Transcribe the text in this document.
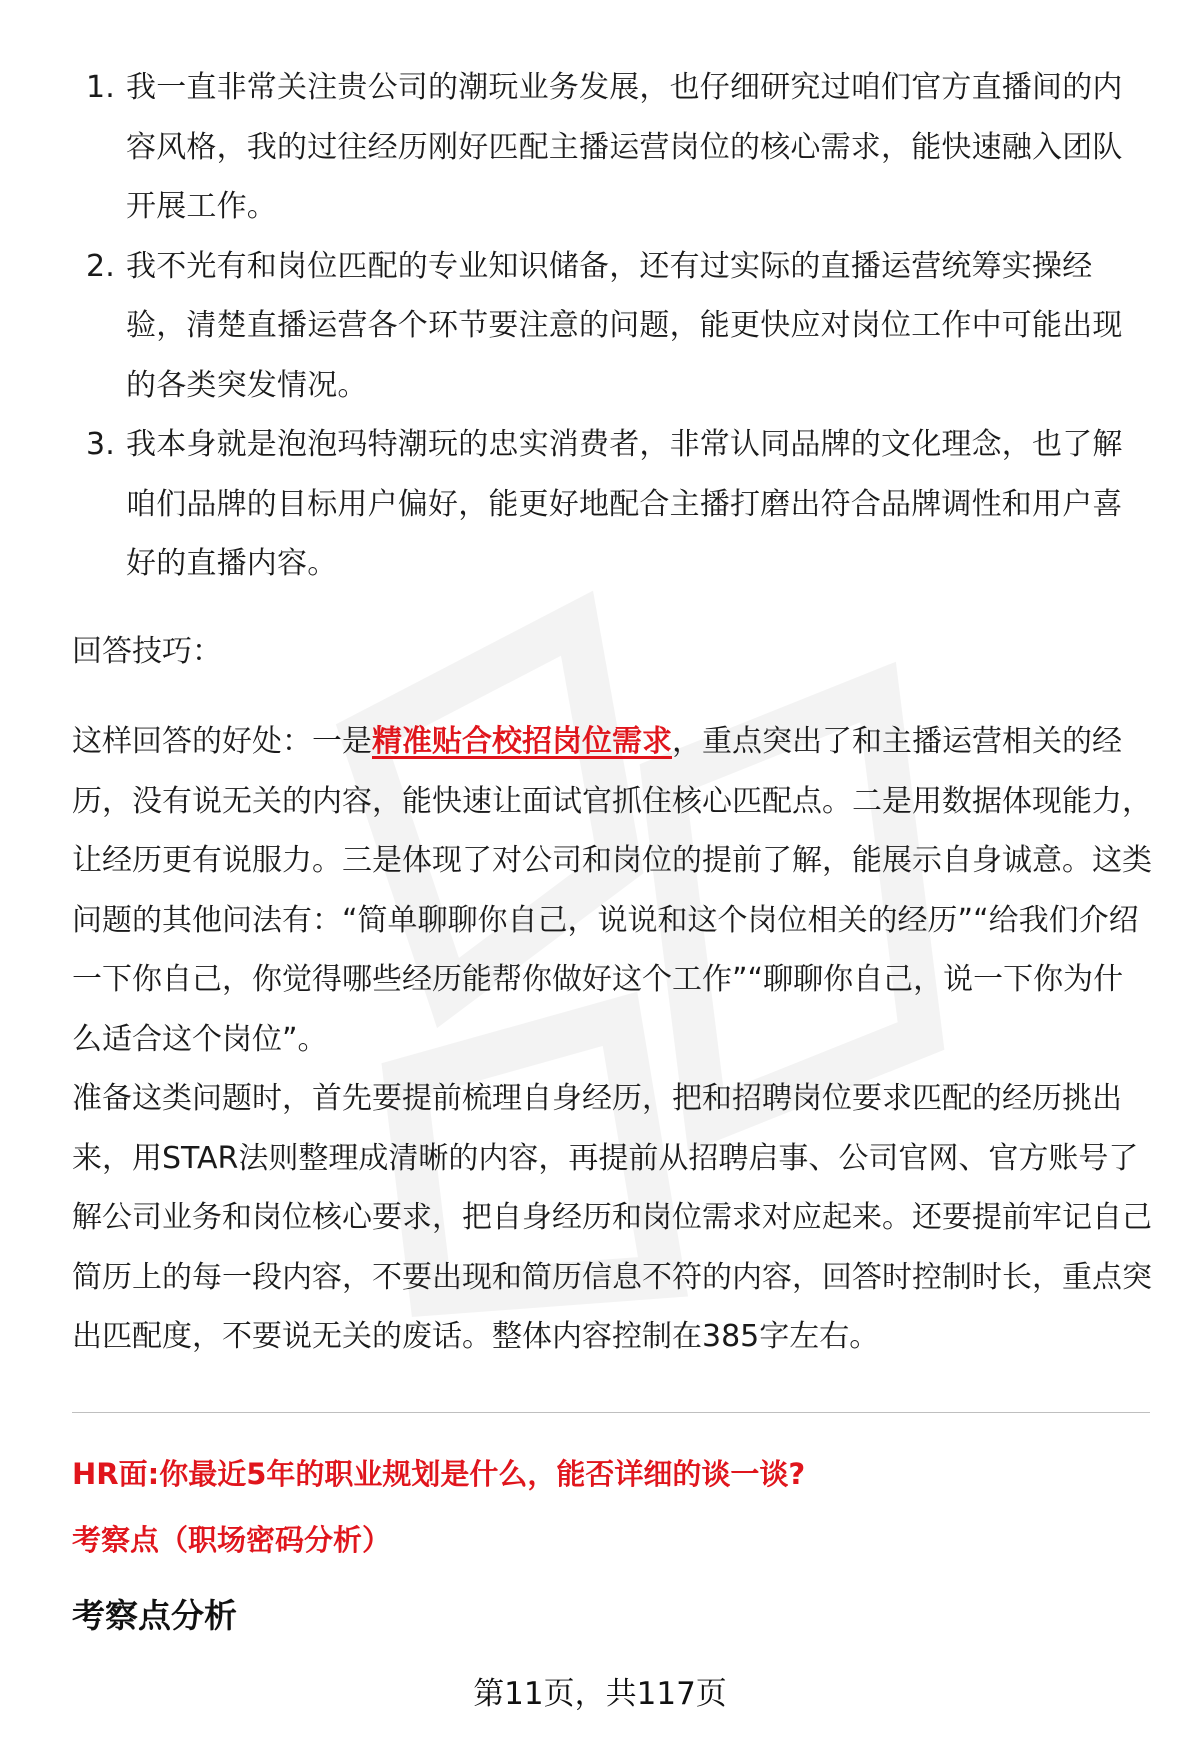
1. 我一直非常关注贵公司的潮玩业务发展，也仔细研究过咱们官方直播间的内容风格，我的过往经历刚好匹配主播运营岗位的核心需求，能快速融入团队开展工作。
2. 我不光有和岗位匹配的专业知识储备，还有过实际的直播运营统筹实操经验，清楚直播运营各个环节要注意的问题，能更快应对岗位工作中可能出现的各类突发情况。
3. 我本身就是泡泡玛特潮玩的忠实消费者，非常认同品牌的文化理念，也了解咱们品牌的目标用户偏好，能更好地配合主播打磨出符合品牌调性和用户喜好的直播内容。

回答技巧：

这样回答的好处：一是精准贴合校招岗位需求，重点突出了和主播运营相关的经历，没有说无关的内容，能快速让面试官抓住核心匹配点。二是用数据体现能力，让经历更有说服力。三是体现了对公司和岗位的提前了解，能展示自身诚意。这类问题的其他问法有：“简单聊聊你自己，说说和这个岗位相关的经历”“给我们介绍一下你自己，你觉得哪些经历能帮你做好这个工作”“聊聊你自己，说一下你为什么适合这个岗位”。

准备这类问题时，首先要提前梳理自身经历，把和招聘岗位要求匹配的经历挑出来，用STAR法则整理成清晰的内容，再提前从招聘启事、公司官网、官方账号了解公司业务和岗位核心要求，把自身经历和岗位需求对应起来。还要提前牢记自己简历上的每一段内容，不要出现和简历信息不符的内容，回答时控制时长，重点突出匹配度，不要说无关的废话。整体内容控制在385字左右。

HR面:你最近5年的职业规划是什么，能否详细的谈一谈?

考察点（职场密码分析）

考察点分析
第11页，共117页
